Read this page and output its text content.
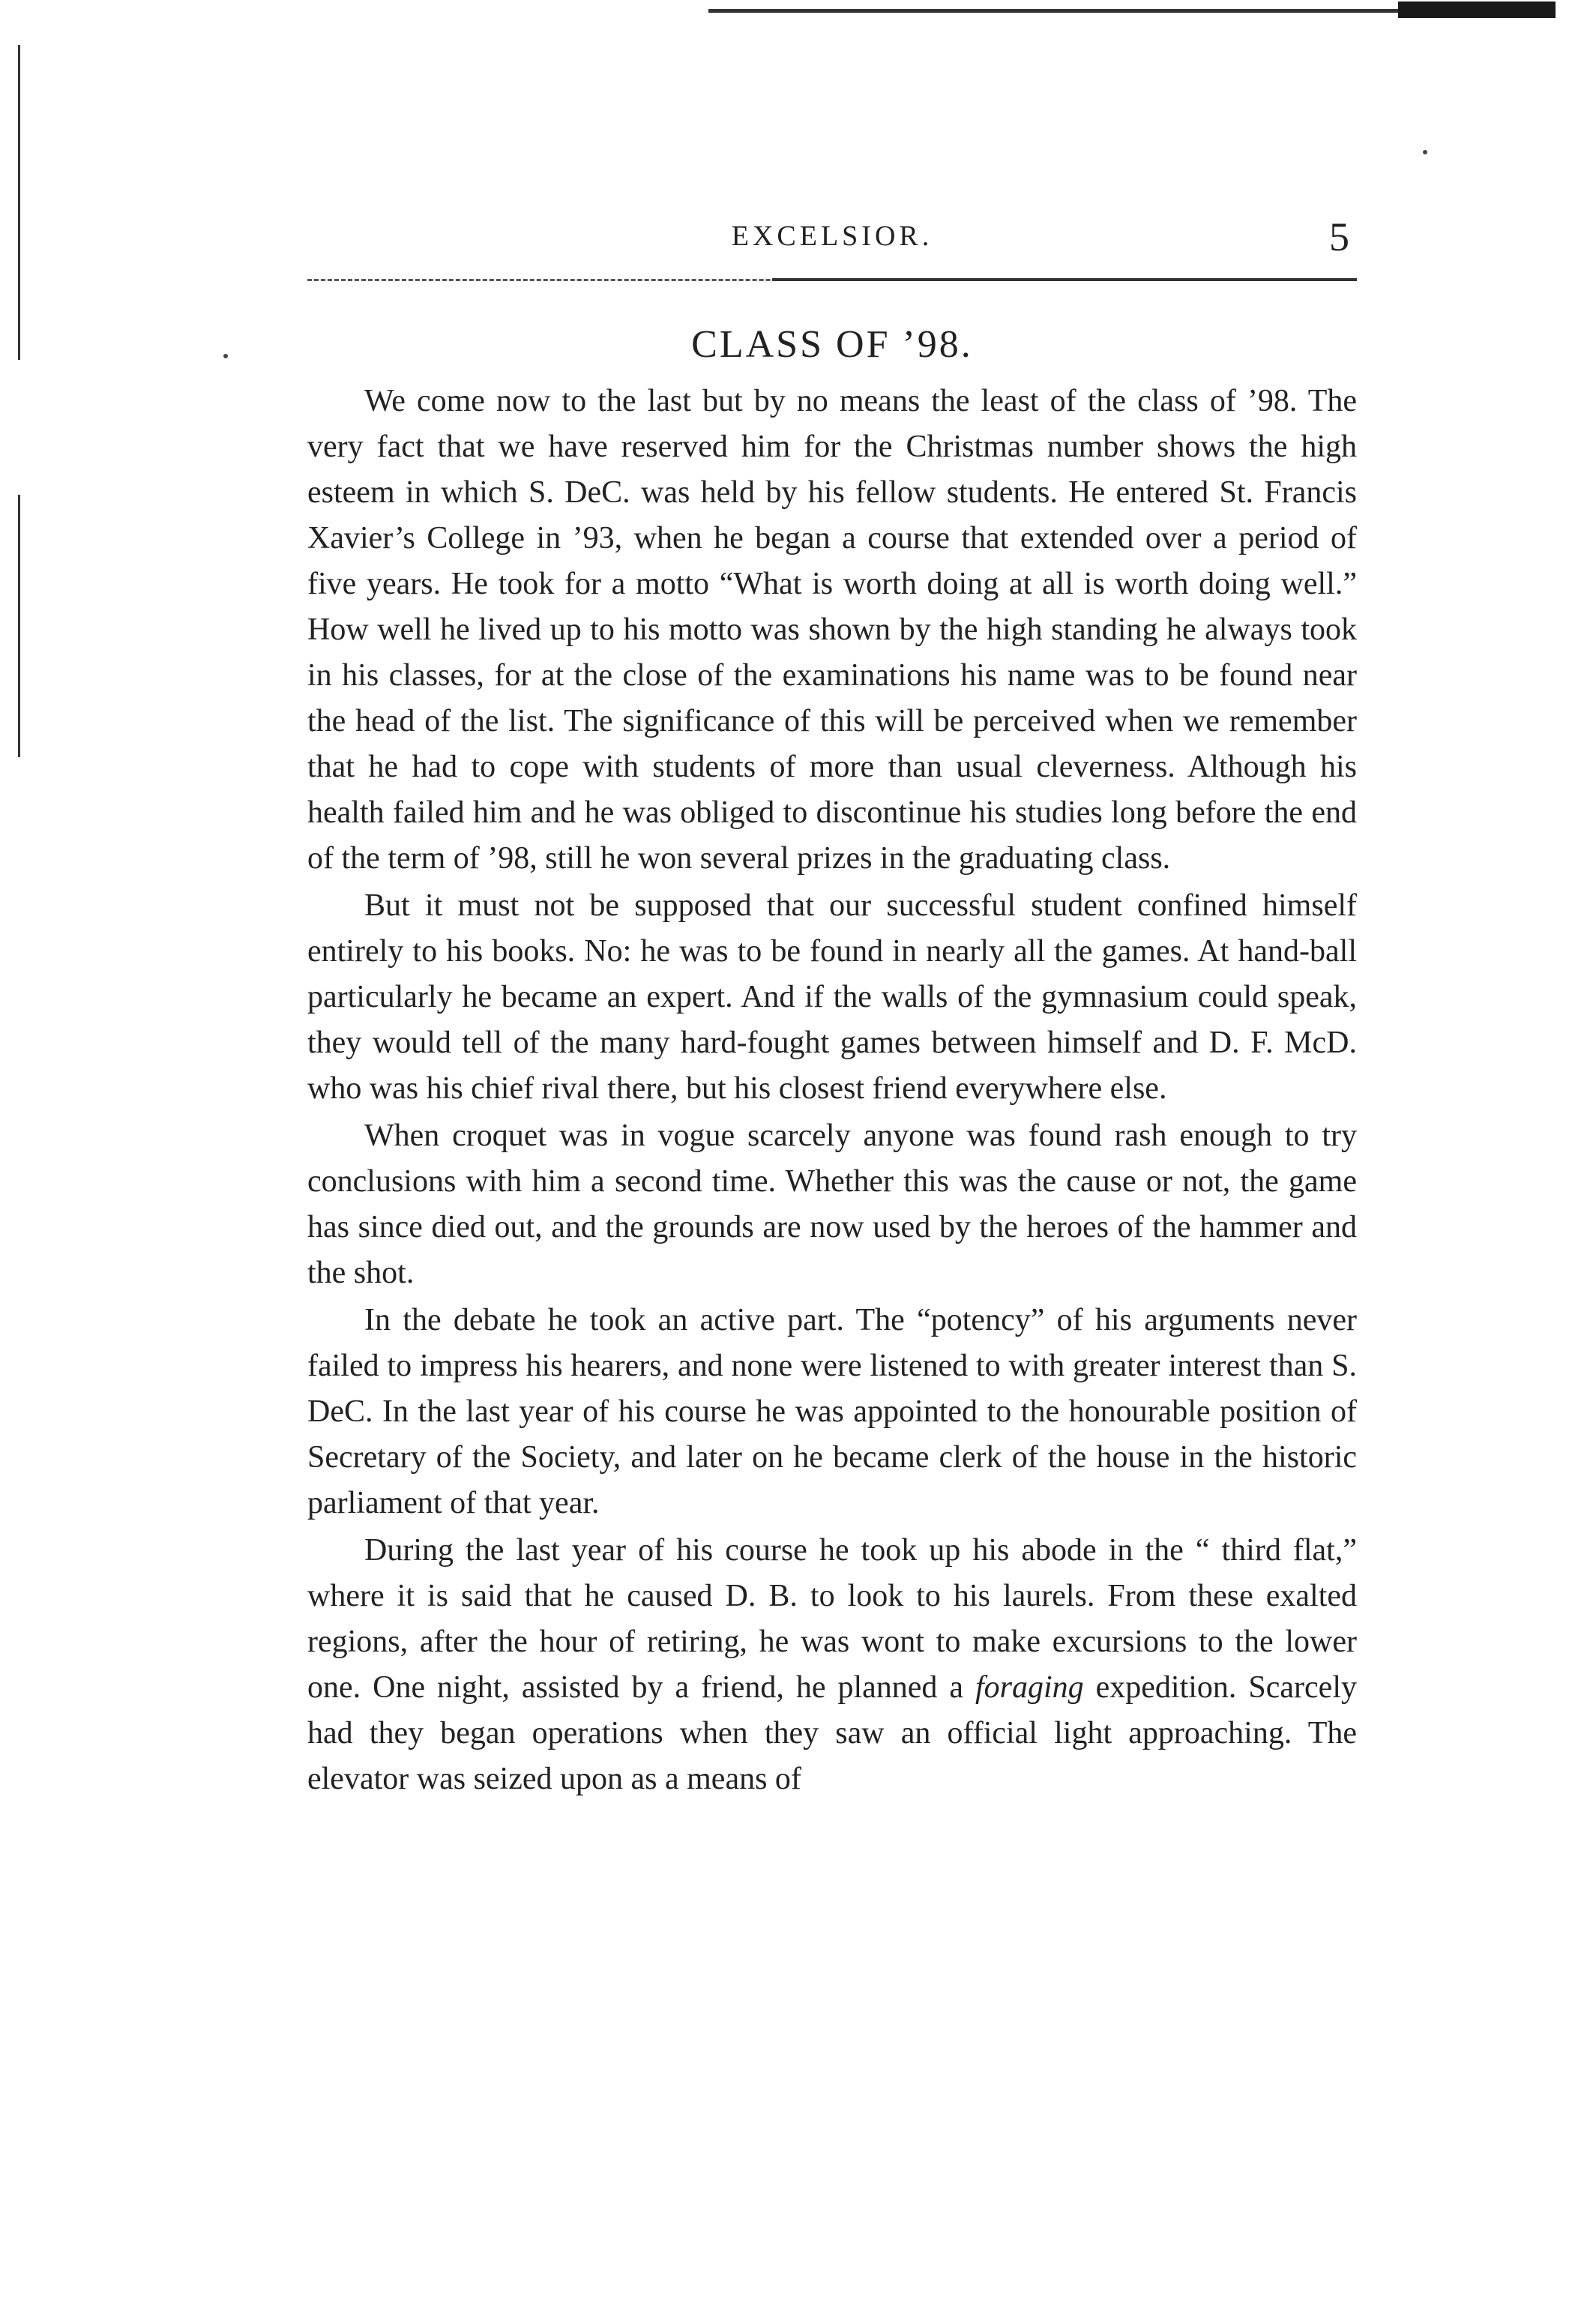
EXCELSIOR.	5
CLASS OF ’98.

We come now to the last but by no means the least of the class of ’98. The very fact that we have reserved him for the Christmas number shows the high esteem in which S. DeC. was held by his fellow students. He entered St. Francis Xavier’s College in ’93, when he began a course that extended over a period of five years. He took for a motto “What is worth doing at all is worth doing well.” How well he lived up to his motto was shown by the high standing he always took in his classes, for at the close of the examinations his name was to be found near the head of the list. The significance of this will be perceived when we remember that he had to cope with students of more than usual cleverness. Although his health failed him and he was obliged to discontinue his studies long before the end of the term of ’98, still he won several prizes in the graduating class.

But it must not be supposed that our successful student confined himself entirely to his books. No: he was to be found in nearly all the games. At hand-ball particularly he became an expert. And if the walls of the gymnasium could speak, they would tell of the many hard-fought games between himself and D. F. McD. who was his chief rival there, but his closest friend everywhere else.

When croquet was in vogue scarcely anyone was found rash enough to try conclusions with him a second time. Whether this was the cause or not, the game has since died out, and the grounds are now used by the heroes of the hammer and the shot.

In the debate he took an active part. The “potency” of his arguments never failed to impress his hearers, and none were listened to with greater interest than S. DeC. In the last year of his course he was appointed to the honourable position of Secretary of the Society, and later on he became clerk of the house in the historic parliament of that year.

During the last year of his course he took up his abode in the “ third flat,” where it is said that he caused D. B. to look to his laurels. From these exalted regions, after the hour of retiring, he was wont to make excursions to the lower one. One night, assisted by a friend, he planned a foraging expedition. Scarcely had they began operations when they saw an official light approaching. The elevator was seized upon as a means of
